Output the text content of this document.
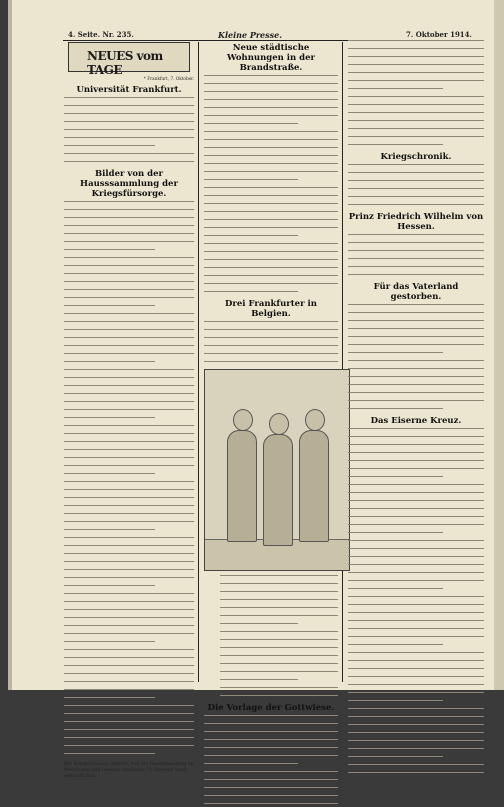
4. Seite. Nr. 235.	Kleine Presse.	7. Oktober 1914.
NEUES vom TAGE
* Frankfurt, 7. Oktober.
Universität Frankfurt.
Bilder von der Hausssammlung der Kriegsfürsorge.
Die Kriegsfürsorge mitteilt, daß die Haussammlung im Westlichen und Inneren Stadtteile 73 Tausend Mark gebracht hat.
Neue städtische Wohnungen in der Brandstraße.
Drei Frankfurter in Belgien.
Die Vorlage der Gottwiese.
Kriegschronik.
Prinz Friedrich Wilhelm von Hessen.
Für das Vaterland gestorben.
Das Eiserne Kreuz.
